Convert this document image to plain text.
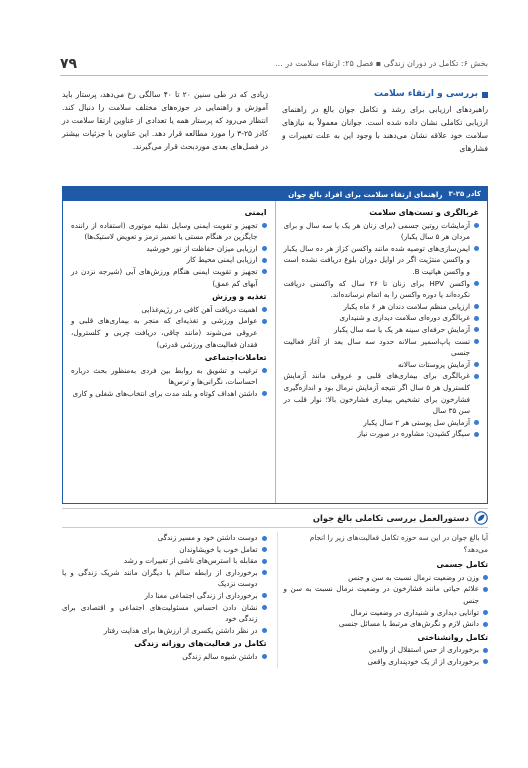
بخش ۶: تکامل در دوران زندگی ▪ فصل ۲۵: ارتقاء سلامت در ...
۷۹
بررسی و ارتقاء سلامت

راهبردهای ارزیابی برای رشد و تکامل جوان بالغ در راهنمای ارزیابی تکاملی نشان داده شده است. جوانان معمولاً به نیازهای سلامت خود علاقه نشان می‌دهند با وجود این به علت تغییرات و فشارهای

زیادی که در طی سنین ۲۰ تا ۴۰ سالگی رخ می‌دهد، پرستار باید آموزش و راهنمایی در حوزه‌های مختلف سلامت را دنبال کند. انتظار می‌رود که پرستار همه یا تعدادی از عناوین ارتقا سلامت در کادر ۲۵-۳ را مورد مطالعه قرار دهد. این عناوین با جزئیات بیشتر در فصل‌های بعدی موردبحث قرار می‌گیرند.

کادر ۲۵-۳
راهنمای ارتقاء سلامت برای افراد بالغ جوان
غربالگری و تست‌های سلامت
آزمایشات روتین جسمی (برای زنان هر یک یا سه سال و برای مردان هر ۵ سال یکبار)
ایمن‌سازی‌های توصیه شده مانند واکسن کزاز هر ده سال یکبار و واکسن منتژیت اگر در اوایل دوران بلوغ دریافت نشده است و واکسن هپاتیت B.
واکسن HPV برای زنان تا ۲۶ سال که واکسنی دریافت نکرده‌اند یا دوره واکسن را به اتمام نرسانده‌اند.
ارزیابی منظم سلامت دندان هر ۶ ماه یکبار
غربالگری دوره‌ای سلامت دیداری و شنیداری
آزمایش حرفه‌ای سینه هر یک یا سه سال یکبار
تست پاپ‌اسمیر سالانه حدود سه سال بعد از آغاز فعالیت جنسی
آزمایش پروستات سالانه
غربالگری برای بیماری‌های قلبی و عروقی مانند آزمایش کلسترول هر ۵ سال اگر نتیجه آزمایش نرمال بود و اندازه‌گیری فشارخون برای تشخیص بیماری فشارخون بالا؛ نوار قلب در سن ۳۵ سال
آزمایش سل پوستی هر ۲ سال یکبار
سیگار کشیدن: مشاوره در صورت نیاز
ایمنی
تجهیز و تقویت ایمنی وسایل نقلیه موتوری (استفاده از راننده جایگزین در هنگام مستی یا تعمیر ترمز و تعویض لاستیک‌ها)
ارزیابی میزان حفاظت از نور خورشید
ارزیابی ایمنی محیط کار
تجهیز و تقویت ایمنی هنگام ورزش‌های آبی (شیرجه نزدن در آبهای کم عمق)
تغذیه و ورزش
اهمیت دریافت آهن کافی در رژیم‌غذایی
عوامل ورزشی و تغذیه‌ای که منجر به بیماری‌های قلبی و عروقی می‌شوند (مانند چاقی، دریافت چربی و کلسترول، فقدان فعالیت‌های ورزشی قدرتی)
تعاملات‌اجتماعی
ترغیب و تشویق به روابط بین فردی به‌منظور بحث درباره احساسات، نگرانی‌ها و ترس‌ها
داشتن اهداف کوتاه و بلند مدت برای انتخاب‌های شغلی و کاری
دستورالعمل بررسی تکاملی بالغ جوان

آیا بالغ جوان در این سه حوزه تکامل فعالیت‌های زیر را انجام می‌دهد؟

تکامل جسمی
وزن در وضعیت نرمال نسبت به سن و جنس
علائم حیاتی مانند فشارخون در وضعیت نرمال نسبت به سن و جنس
توانایی دیداری و شنیداری در وضعیت نرمال
دانش لازم و نگرش‌های مرتبط با مسائل جنسی
تکامل روانشناختی
برخورداری از حس استقلال از والدین
برخورداری از از یک خودپنداری واقعی
دوست داشتن خود و مسیر زندگی
تعامل خوب با خویشاوندان
مقابله با استرس‌های ناشی از تغییرات و رشد
برخورداری از رابطه سالم با دیگران مانند شریک زندگی و یا دوست نزدیک
برخورداری از زندگی اجتماعی معنا دار
نشان دادن احساس مسئولیت‌های اجتماعی و اقتصادی برای زندگی خود
در نظر داشتن یکسری از ارزش‌ها برای هدایت رفتار
تکامل در فعالیت‌های روزانه زندگی
داشتن شیوه سالم زندگی
